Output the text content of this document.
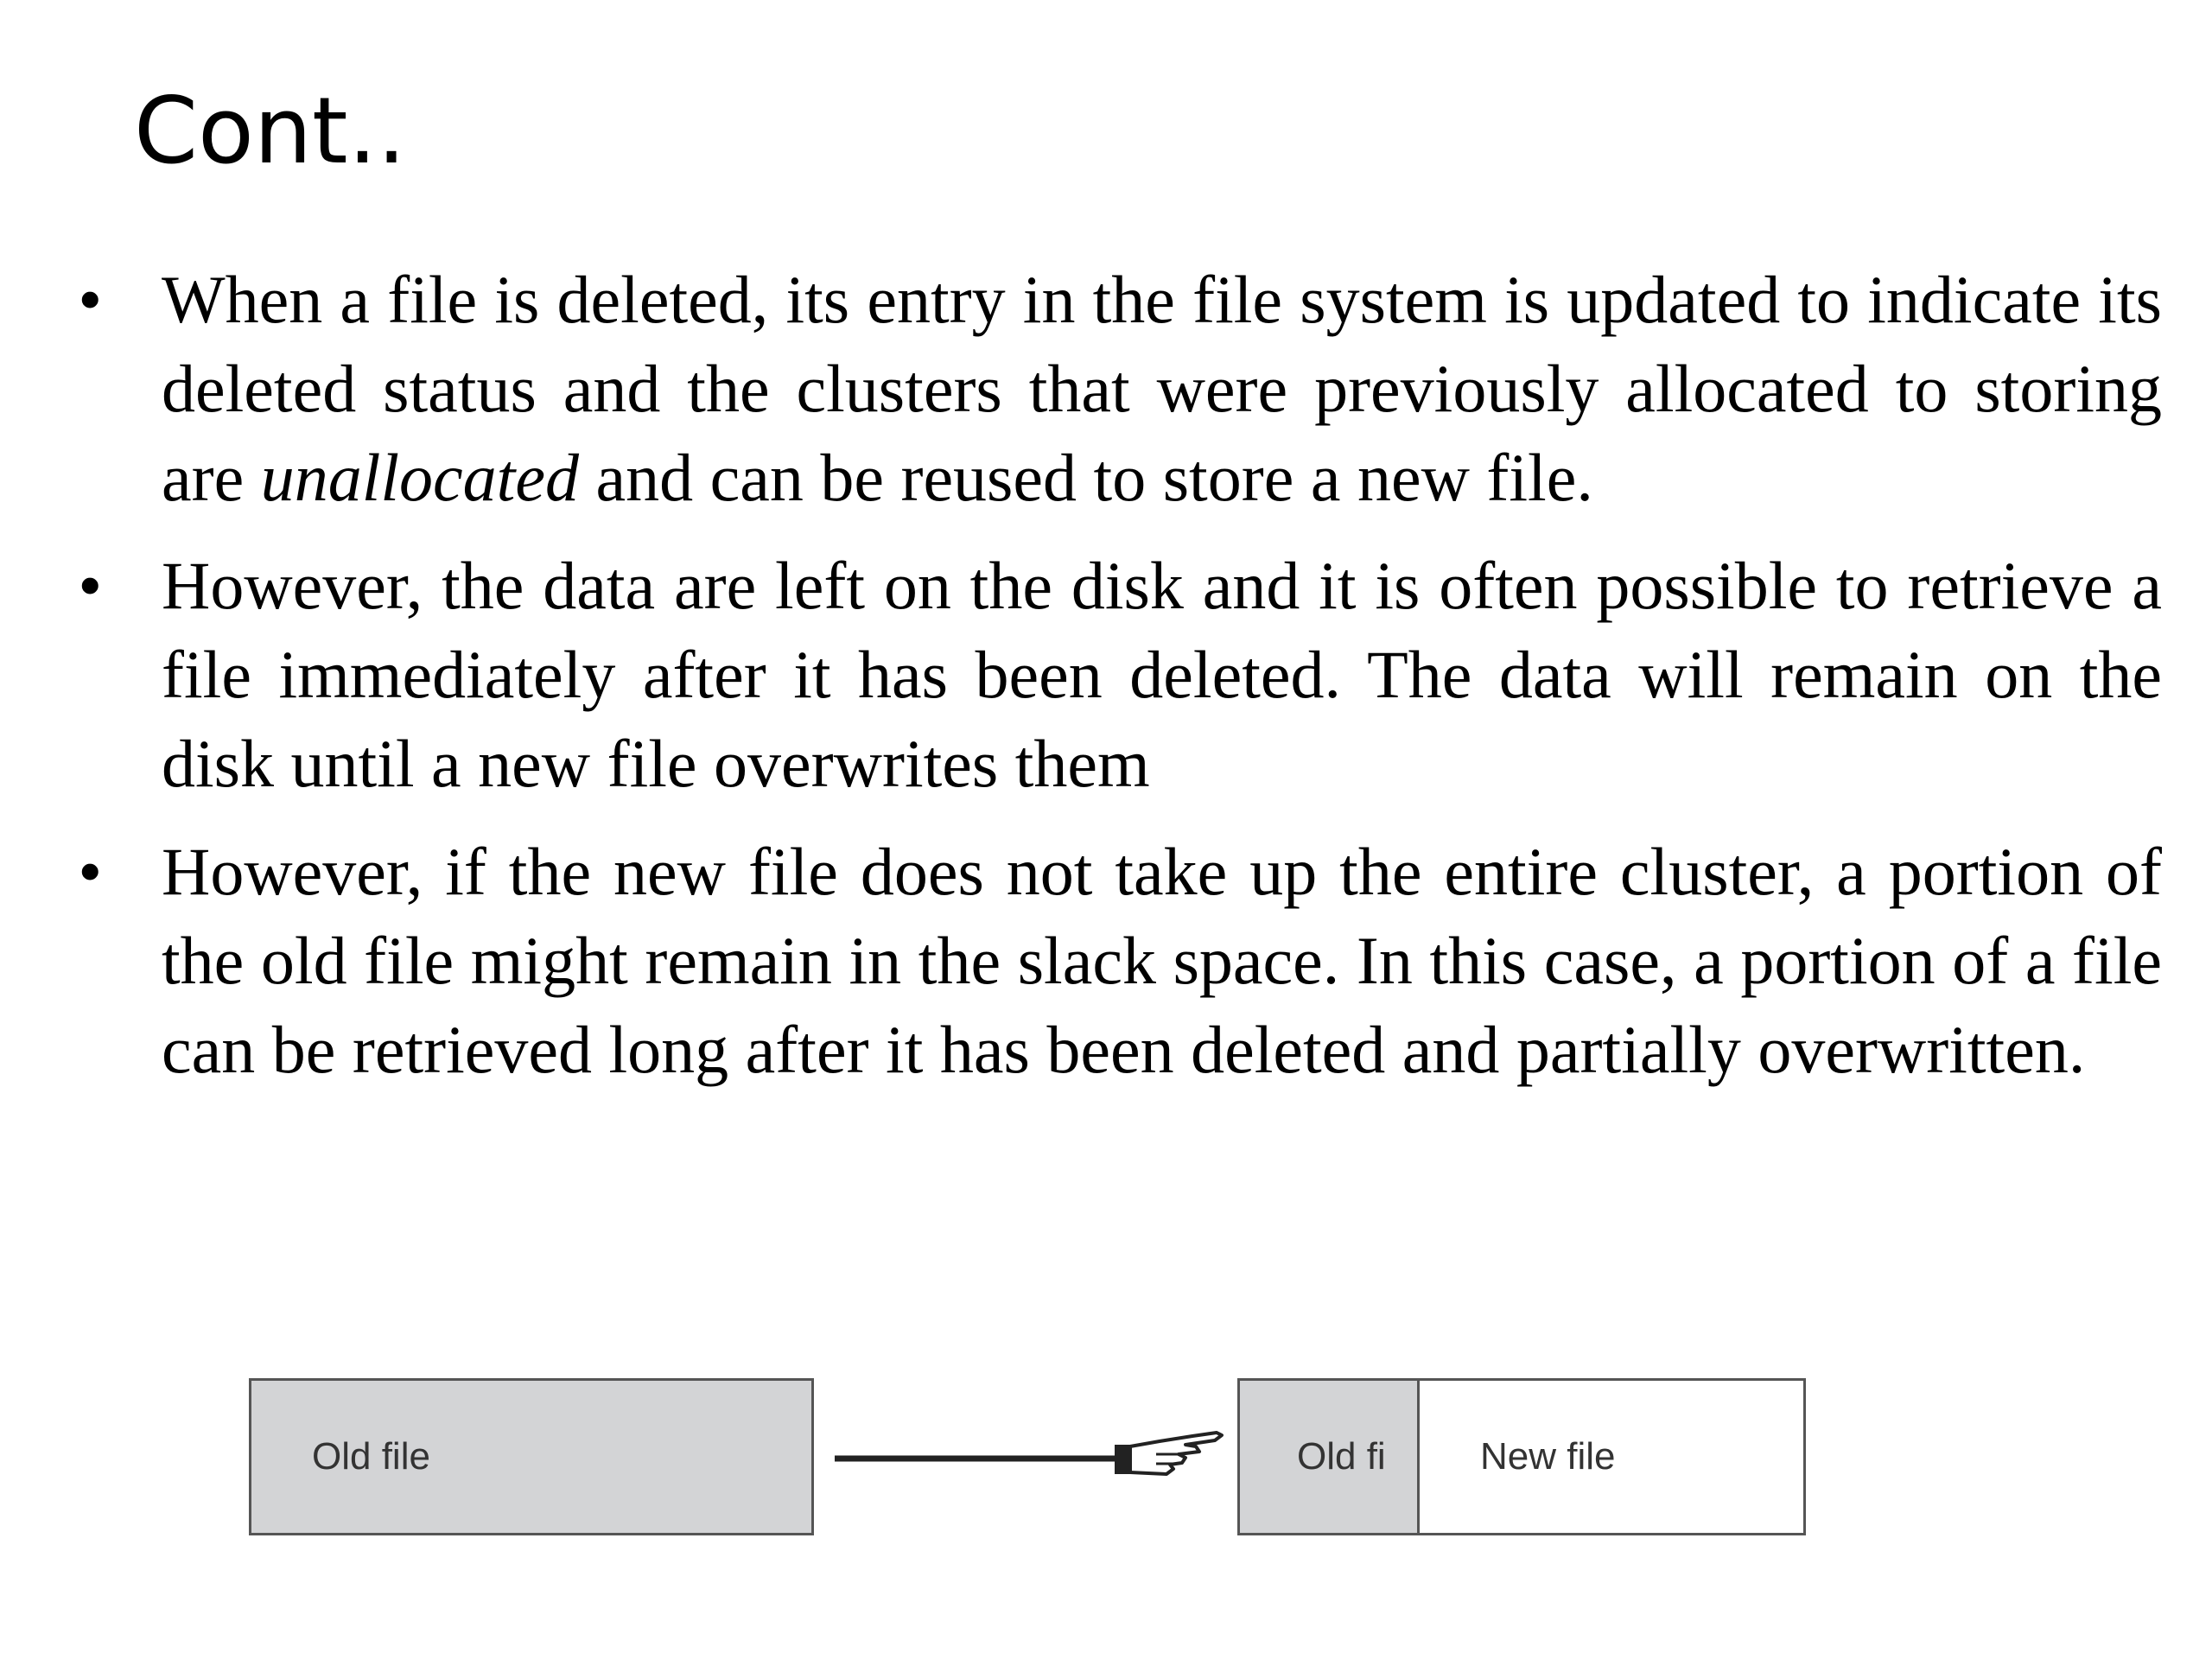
Cont..
• When a file is deleted, its entry in the file system is updated to indicate its deleted status and the clusters that were previously allocated to storing are unallocated and can be reused to store a new file.
• However, the data are left on the disk and it is often possible to retrieve a file immediately after it has been deleted. The data will remain on the disk until a new file overwrites them
• However, if the new file does not take up the entire cluster, a portion of the old file might remain in the slack space. In this case, a portion of a file can be retrieved long after it has been deleted and partially overwritten.
Old file	Old fi New file
